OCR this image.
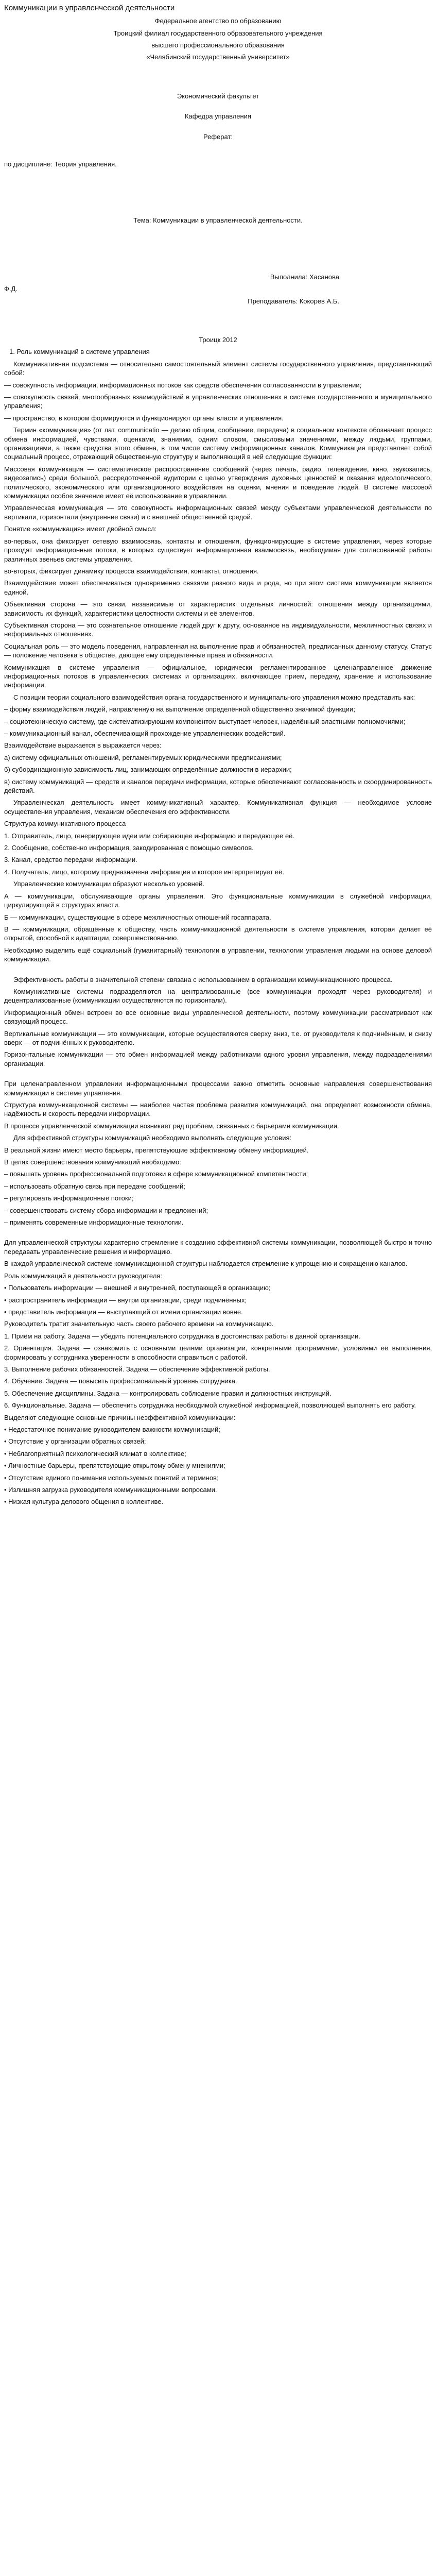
Коммуникации в управленческой деятельности

Федеральное агентство по образованию

Троицкий филиал государственного образовательного учреждения

высшего профессионального образования

«Челябинский государственный университет»

Экономический факультет

Кафедра управления

Реферат:

по дисциплине: Теория управления.

Тема: Коммуникации в управленческой деятельности.

Выполнила: Хасанова

Ф.Д.

Преподаватель: Кокорев А.Б.

Троицк 2012

1. Роль коммуникаций в системе управления

Коммуникативная подсистема — относительно самостоятельный элемент системы государственного управления, представляющий собой:

— совокупность информации, информационных потоков как средств обеспечения согласованности в управлении;

— совокупность связей, многообразных взаимодействий в управленческих отношениях в системе государственного и муниципального управления;

— пространство, в котором формируются и функционируют органы власти и управления.

Термин «коммуникация» (от лат. communicatio — делаю общим, сообщение, передача) в социальном контексте обозначает процесс обмена информацией, чувствами, оценками, знаниями, одним словом, смысловыми значениями, между людьми, группами, организациями, а также средства этого обмена, в том числе систему информационных каналов. Коммуникация представляет собой социальный процесс, отражающий общественную структуру и выполняющий в ней следующие функции:

Массовая коммуникация — систематическое распространение сообщений (через печать, радио, телевидение, кино, звукозапись, видеозапись) среди большой, рассредоточенной аудитории с целью утверждения духовных ценностей и оказания идеологического, политического, экономического или организационного воздействия на оценки, мнения и поведение людей. В системе массовой коммуникации особое значение имеет её использование в управлении.

Управленческая коммуникация — это совокупность информационных связей между субъектами управленческой деятельности по вертикали, горизонтали (внутренние связи) и с внешней общественной средой.

Понятие «коммуникация» имеет двойной смысл:

во-первых, она фиксирует сетевую взаимосвязь, контакты и отношения, функционирующие в системе управления, через которые проходят информационные потоки, в которых существует информационная взаимосвязь, необходимая для согласованной работы различных звеньев системы управления.

во-вторых, фиксирует динамику процесса взаимодействия, контакты, отношения.

Взаимодействие может обеспечиваться одновременно связями разного вида и рода, но при этом система коммуникации является единой.

Объективная сторона — это связи, независимые от характеристик отдельных личностей: отношения между организациями, зависимость их функций, характеристики целостности системы и её элементов.

Субъективная сторона — это сознательное отношение людей друг к другу, основанное на индивидуальности, межличностных связях и неформальных отношениях.

Социальная роль — это модель поведения, направленная на выполнение прав и обязанностей, предписанных данному статусу. Статус — положение человека в обществе, дающее ему определённые права и обязанности.

Коммуникация в системе управления — официальное, юридически регламентированное целенаправленное движение информационных потоков в управленческих системах и организациях, включающее прием, передачу, хранение и использование информации.

С позиции теории социального взаимодействия органа государственного и муниципального управления можно представить как:

– форму взаимодействия людей, направленную на выполнение определённой общественно значимой функции;

– социотехническую систему, где систематизирующим компонентом выступает человек, наделённый властными полномочиями;

– коммуникационный канал, обеспечивающий прохождение управленческих воздействий.

Взаимодействие выражается в выражается через:

а) систему официальных отношений, регламентируемых юридическими предписаниями;

б) субординационную зависимость лиц, занимающих определённые должности в иерархии;

в) систему коммуникаций — средств и каналов передачи информации, которые обеспечивают согласованность и скоординированность действий.

Управленческая деятельность имеет коммуникативный характер. Коммуникативная функция — необходимое условие осуществления управления, механизм обеспечения его эффективности.

Структура коммуникативного процесса

1. Отправитель, лицо, генерирующее идеи или собирающее информацию и передающее её.

2. Сообщение, собственно информация, закодированная с помощью символов.

3. Канал, средство передачи информации.

4. Получатель, лицо, которому предназначена информация и которое интерпретирует её.

Управленческие коммуникации образуют несколько уровней.

А — коммуникации, обслуживающие органы управления. Это функциональные коммуникации в служебной информации, циркулирующей в структурах власти.

Б — коммуникации, существующие в сфере межличностных отношений госаппарата.

В — коммуникации, обращённые к обществу, часть коммуникационной деятельности в системе управления, которая делает её открытой, способной к адаптации, совершенствованию.

Необходимо выделить ещё социальный (гуманитарный) технологии в управлении, технологии управления людьми на основе деловой коммуникации.

Эффективность работы в значительной степени связана с использованием в организации коммуникационного процесса.

Коммуникативные системы подразделяются на централизованные (все коммуникации проходят через руководителя) и децентрализованные (коммуникации осуществляются по горизонтали).

Информационный обмен встроен во все основные виды управленческой деятельности, поэтому коммуникации рассматривают как связующий процесс.

Вертикальные коммуникации — это коммуникации, которые осуществляются сверху вниз, т.е. от руководителя к подчинённым, и снизу вверх — от подчинённых к руководителю.

Горизонтальные коммуникации — это обмен информацией между работниками одного уровня управления, между подразделениями организации.

При целенаправленном управлении информационными процессами важно отметить основные направления совершенствования коммуникации в системе управления.

Структура коммуникационной системы — наиболее частая проблема развития коммуникаций, она определяет возможности обмена, надёжность и скорость передачи информации.

В процессе управленческой коммуникации возникает ряд проблем, связанных с барьерами коммуникации.

Для эффективной структуры коммуникаций необходимо выполнять следующие условия:

В реальной жизни имеют место барьеры, препятствующие эффективному обмену информацией.

В целях совершенствования коммуникаций необходимо:

– повышать уровень профессиональной подготовки в сфере коммуникационной компетентности;

– использовать обратную связь при передаче сообщений;

– регулировать информационные потоки;

– совершенствовать систему сбора информации и предложений;

– применять современные информационные технологии.

Для управленческой структуры характерно стремление к созданию эффективной системы коммуникации, позволяющей быстро и точно передавать управленческие решения и информацию.

В каждой управленческой системе коммуникационной структуры наблюдается стремление к упрощению и сокращению каналов.

Роль коммуникаций в деятельности руководителя:

• Пользователь информации — внешней и внутренней, поступающей в организацию;

• распространитель информации — внутри организации, среди подчинённых;

• представитель информации — выступающий от имени организации вовне.

Руководитель тратит значительную часть своего рабочего времени на коммуникацию.

1. Приём на работу. Задача — убедить потенциального сотрудника в достоинствах работы в данной организации.

2. Ориентация. Задача — ознакомить с основными целями организации, конкретными программами, условиями её выполнения, формировать у сотрудника уверенности в способности справиться с работой.

3. Выполнение рабочих обязанностей. Задача — обеспечение эффективной работы.

4. Обучение. Задача — повысить профессиональный уровень сотрудника.

5. Обеспечение дисциплины. Задача — контролировать соблюдение правил и должностных инструкций.

6. Функциональные. Задача — обеспечить сотрудника необходимой служебной информацией, позволяющей выполнять его работу.

Выделяют следующие основные причины неэффективной коммуникации:

• Недостаточное понимание руководителем важности коммуникаций;

• Отсутствие у организации обратных связей;

• Неблагоприятный психологический климат в коллективе;

• Личностные барьеры, препятствующие открытому обмену мнениями;

• Отсутствие единого понимания используемых понятий и терминов;

• Излишняя загрузка руководителя коммуникационными вопросами.

• Низкая культура делового общения в коллективе.
